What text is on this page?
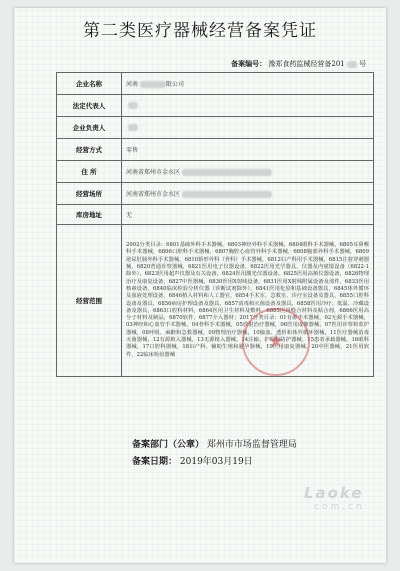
第二类医疗器械经营备案凭证
备案编号： 豫郑食药监械经营备201 号
企业名称	河南 限公司
法定代表人	
企业负责人	
经营方式	零售
住 所	河南省郑州市金水区
经营场所	河南省郑州市金水区
库房地址	无
经营范围	2002分类目录：6801基础外科手术器械，6803神经外科手术器械，6804眼科手术器械，6805耳鼻喉科手术器械，6806口腔科手术器械，6807胸腔心血管外科手术器械，6808腹部外科手术器械，6809泌尿肛肠外科手术器械，6810矫形外科（骨科）手术器械，6812妇产科用手术器械，6815注射穿刺器械，6820普通诊察器械，6821医用电子仪器设备，6822医用光学器具、仪器及内窥镜设备（6822-1除外），6823医用超声仪器及有关设备，6824医用激光仪器设备，6825医用高频仪器设备，6826物理治疗及康复设备，6827中医器械，6830医用X射线设备，6831医用X射线附属设备及部件，6833医用核素设备，6840临床检验分析仪器（诊断试剂除外），6841医用化验和基础设备器具，6845体外循环及血液处理设备，6846植入材料和人工器官，6854手术室、急救室、诊疗室设备及器具，6855口腔科设备及器具，6856病房护理设备及器具，6857消毒和灭菌设备及器具，6858医用冷疗、低温、冷藏设备及器具，6863口腔科材料，6864医用卫生材料及敷料，6865医用缝合材料及粘合剂，6866医用高分子材料及制品，6870软件，6877介入器材；2017分类目录：01有源手术器械，02无源手术器械，03神经和心血管手术器械，04骨科手术器械，05放射治疗器械，06医用成像器械，07医用诊察和监护器械，08呼吸、麻醉和急救器械，09物理治疗器械，10输血、透析和体外循环器械，11医疗器械消毒灭菌器械，12有源植入器械，13无源植入器械，14注输、护理和防护器械，15患者承载器械，16眼科器械，17口腔科器械，18妇产科、辅助生殖和避孕器械，19医用康复器械，20中医器械，21医用软件，22临床检验器械
★
备案部门（公章） 郑州市市场监督管理局
备案日期： 2019年03月19日
Laoke
com.cn
